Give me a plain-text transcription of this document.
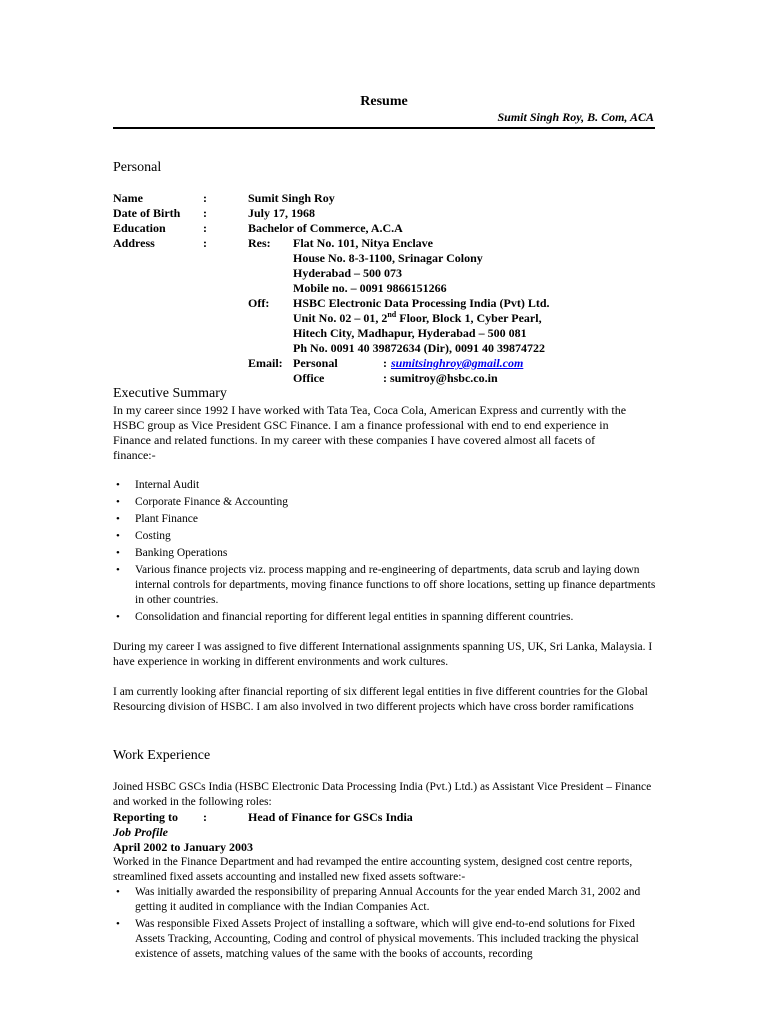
Resume
Sumit Singh Roy, B. Com, ACA
Personal
Name	:	Sumit Singh Roy
Date of Birth :	July 17, 1968
Education	:	Bachelor of Commerce, A.C.A
Address	:	Res: Flat No. 101, Nitya Enclave
House No. 8-3-1100, Srinagar Colony
Hyderabad – 500 073
Mobile no. – 0091 9866151266
Off: HSBC Electronic Data Processing India (Pvt) Ltd.
Unit No. 02 – 01, 2nd Floor, Block 1, Cyber Pearl,
Hitech City, Madhapur, Hyderabad – 500 081
Ph No. 0091 40 39872634 (Dir), 0091 40 39874722
Email: Personal	: sumitsinghroy@gmail.com
Office	: sumitroy@hsbc.co.in
Executive Summary
In my career since 1992 I have worked with Tata Tea, Coca Cola, American Express and currently with the
HSBC group as Vice President GSC Finance. I am a finance professional with end to end experience in
Finance and related functions. In my career with these companies I have covered almost all facets of
finance:-
• Internal Audit
• Corporate Finance & Accounting
• Plant Finance
• Costing
• Banking Operations
• Various finance projects viz. process mapping and re-engineering of departments, data scrub and laying down internal controls for departments, moving finance functions to off shore locations, setting up finance departments in other countries.
• Consolidation and financial reporting for different legal entities in spanning different countries.
During my career I was assigned to five different International assignments spanning US, UK, Sri Lanka, Malaysia. I have experience in working in different environments and work cultures.
I am currently looking after financial reporting of six different legal entities in five different countries for the Global Resourcing division of HSBC. I am also involved in two different projects which have cross border ramifications
Work Experience
Joined HSBC GSCs India (HSBC Electronic Data Processing India (Pvt.) Ltd.) as Assistant Vice President – Finance and worked in the following roles:
Reporting to :	Head of Finance for GSCs India
Job Profile
April 2002 to January 2003
Worked in the Finance Department and had revamped the entire accounting system, designed cost centre reports, streamlined fixed assets accounting and installed new fixed assets software:-
• Was initially awarded the responsibility of preparing Annual Accounts for the year ended March 31, 2002 and getting it audited in compliance with the Indian Companies Act.
• Was responsible Fixed Assets Project of installing a software, which will give end-to-end solutions for Fixed Assets Tracking, Accounting, Coding and control of physical movements. This included tracking the physical existence of assets, matching values of the same with the books of accounts, recording
